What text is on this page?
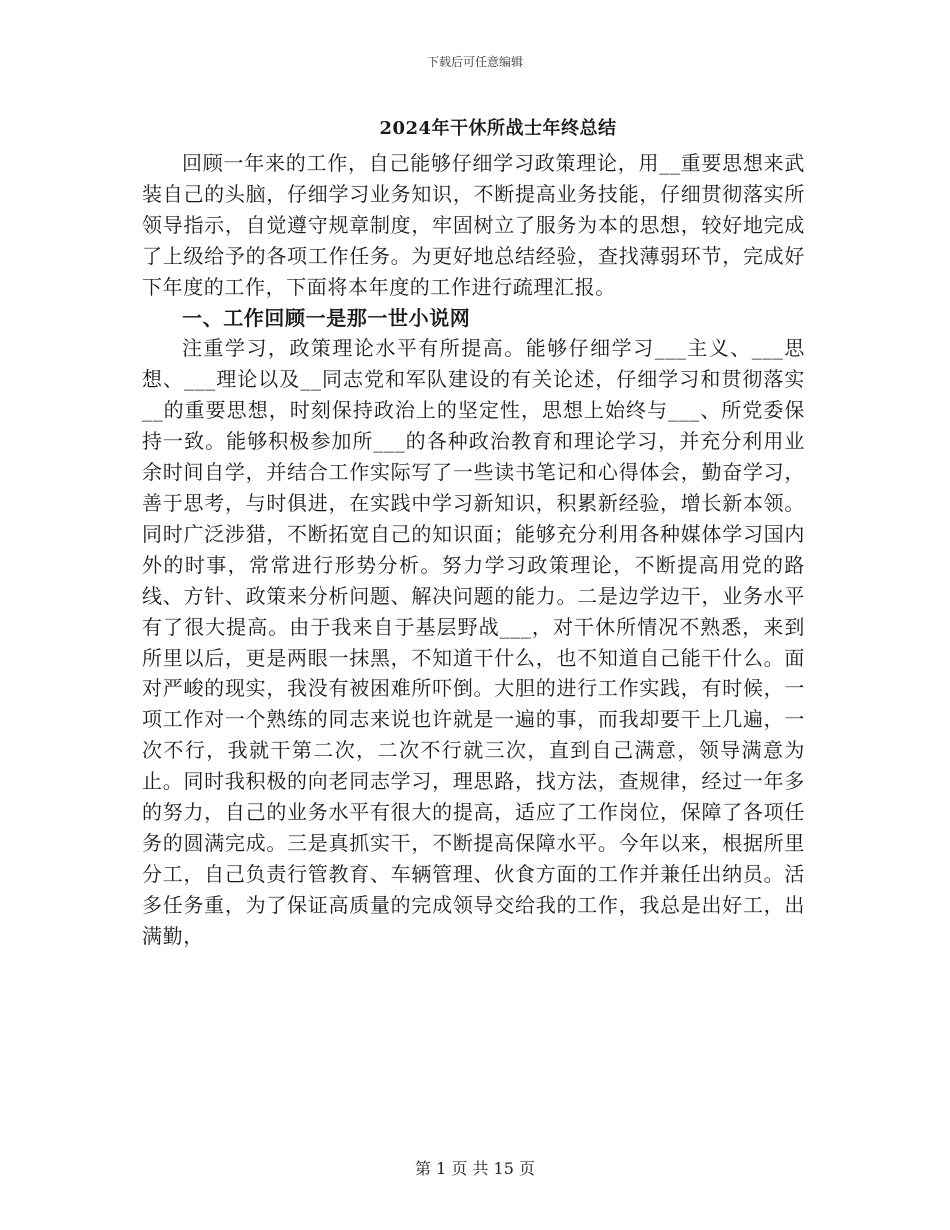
下载后可任意编辑
2024年干休所战士年终总结

回顾一年来的工作，自己能够仔细学习政策理论，用__重要思想来武装自己的头脑，仔细学习业务知识，不断提高业务技能，仔细贯彻落实所领导指示，自觉遵守规章制度，牢固树立了服务为本的思想，较好地完成了上级给予的各项工作任务。为更好地总结经验，查找薄弱环节，完成好下年度的工作，下面将本年度的工作进行疏理汇报。

一、工作回顾一是那一世小说网

注重学习，政策理论水平有所提高。能够仔细学习___主义、___思想、___理论以及__同志党和军队建设的有关论述，仔细学习和贯彻落实__的重要思想，时刻保持政治上的坚定性，思想上始终与___、所党委保持一致。能够积极参加所___的各种政治教育和理论学习，并充分利用业余时间自学，并结合工作实际写了一些读书笔记和心得体会，勤奋学习，善于思考，与时俱进，在实践中学习新知识，积累新经验，增长新本领。同时广泛涉猎，不断拓宽自己的知识面；能够充分利用各种媒体学习国内外的时事，常常进行形势分析。努力学习政策理论，不断提高用党的路线、方针、政策来分析问题、解决问题的能力。二是边学边干，业务水平有了很大提高。由于我来自于基层野战___，对干休所情况不熟悉，来到所里以后，更是两眼一抹黑，不知道干什么，也不知道自己能干什么。面对严峻的现实，我没有被困难所吓倒。大胆的进行工作实践，有时候，一项工作对一个熟练的同志来说也许就是一遍的事，而我却要干上几遍，一次不行，我就干第二次，二次不行就三次，直到自己满意，领导满意为止。同时我积极的向老同志学习，理思路，找方法，查规律，经过一年多的努力，自己的业务水平有很大的提高，适应了工作岗位，保障了各项任务的圆满完成。三是真抓实干，不断提高保障水平。今年以来，根据所里分工，自己负责行管教育、车辆管理、伙食方面的工作并兼任出纳员。活多任务重，为了保证高质量的完成领导交给我的工作，我总是出好工，出满勤，

第 1 页 共 15 页
